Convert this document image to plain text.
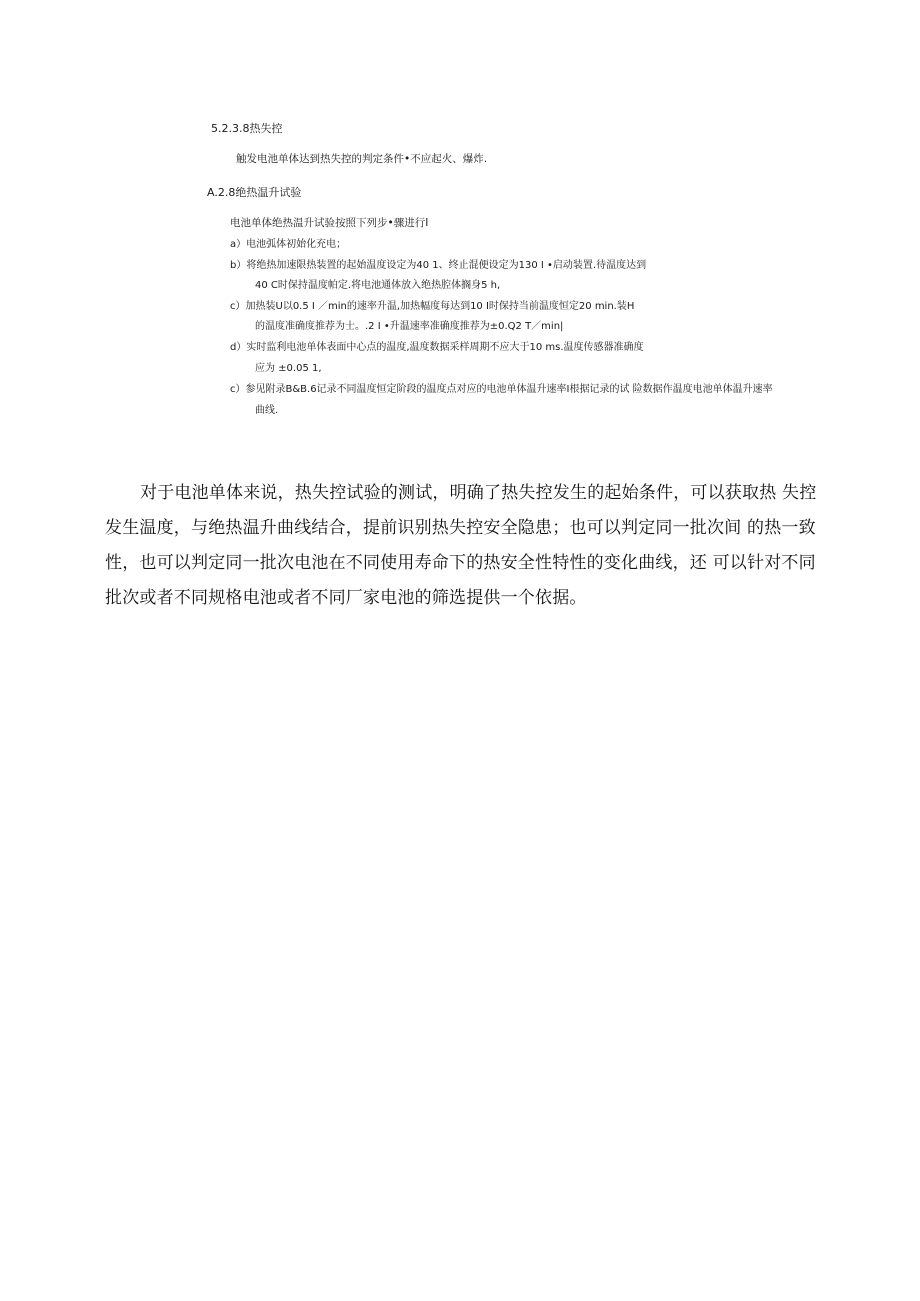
5.2.3.8热失控
触发电池单体达到热失控的判定条件•不应起火、爆炸.
A.2.8绝热温升试验
电池单体绝热温升试验按照下列步•骤进行I
a）电池弧体初始化充电；
b）将绝热加速限热装置的起始温度设定为40 1、终止混便设定为130 I •启动装置.待温度达到
40 C时保持温度帕定.将电池通体放入绝热腔体搁身5 h,
c）加热装U以0.5 I ／min的速率升温,加热幅度每达到10 I时保持当前温度恒定20 min.装H
的温度准确度推荐为士。.2 I •升温速率准确度推荐为±0.Q2 T／min|
d）实时监利电池单体表面中心点的温度,温度数据采样周期不应大于10 ms.温度传感器准确度
应为 ±0.05 1,
c）参见附录B&B.6记录不同温度恒定阶段的温度点对应的电池单体温升速率I根据记录的试 险数据作温度电池单体温升速率
曲线.

对于电池单体来说，热失控试验的测试，明确了热失控发生的起始条件，可以获取热 失控发生温度，与绝热温升曲线结合，提前识别热失控安全隐患；也可以判定同一批次间 的热一致性，也可以判定同一批次电池在不同使用寿命下的热安全性特性的变化曲线，还 可以针对不同批次或者不同规格电池或者不同厂家电池的筛选提供一个依据。
